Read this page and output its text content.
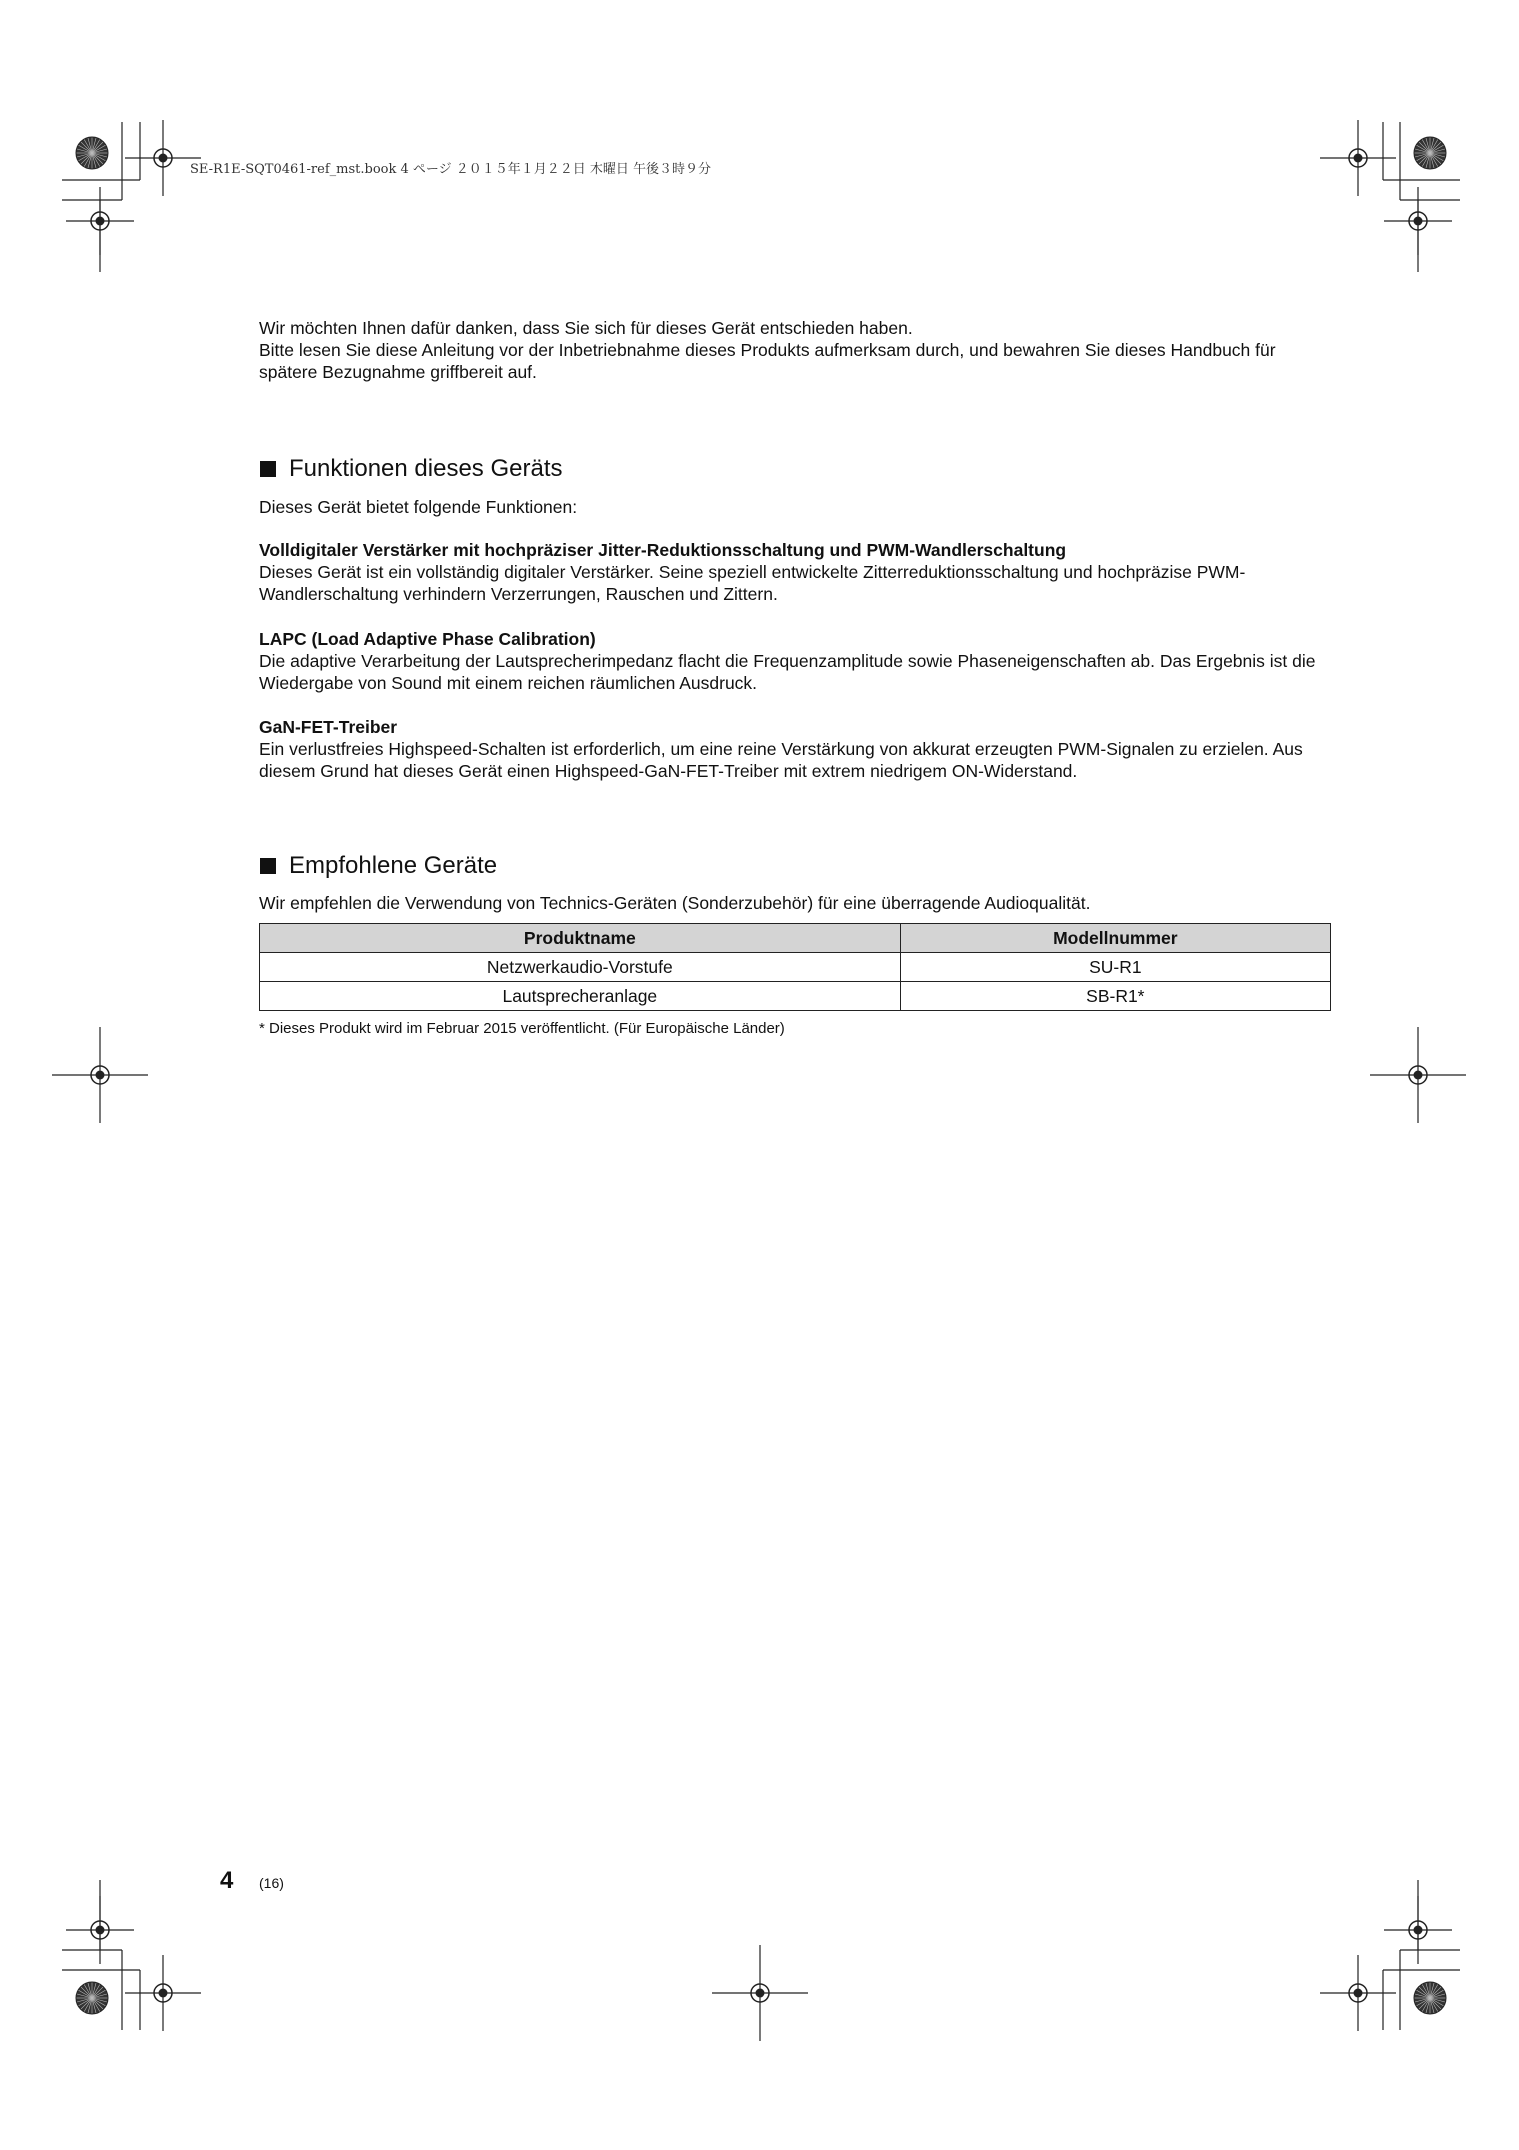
SE-R1E-SQT0461-ref_mst.book 4 ページ ２０１５年１月２２日 木曜日 午後３時９分

Wir möchten Ihnen dafür danken, dass Sie sich für dieses Gerät entschieden haben.

Bitte lesen Sie diese Anleitung vor der Inbetriebnahme dieses Produkts aufmerksam durch, und bewahren Sie dieses Handbuch für spätere Bezugnahme griffbereit auf.

Funktionen dieses Geräts

Dieses Gerät bietet folgende Funktionen:

Volldigitaler Verstärker mit hochpräziser Jitter-Reduktionsschaltung und PWM-Wandlerschaltung

Dieses Gerät ist ein vollständig digitaler Verstärker. Seine speziell entwickelte Zitterreduktionsschaltung und hochpräzise PWM-Wandlerschaltung verhindern Verzerrungen, Rauschen und Zittern.

LAPC (Load Adaptive Phase Calibration)

Die adaptive Verarbeitung der Lautsprecherimpedanz flacht die Frequenzamplitude sowie Phaseneigenschaften ab. Das Ergebnis ist die Wiedergabe von Sound mit einem reichen räumlichen Ausdruck.

GaN-FET-Treiber

Ein verlustfreies Highspeed-Schalten ist erforderlich, um eine reine Verstärkung von akkurat erzeugten PWM-Signalen zu erzielen. Aus diesem Grund hat dieses Gerät einen Highspeed-GaN-FET-Treiber mit extrem niedrigem ON-Widerstand.

Empfohlene Geräte

Wir empfehlen die Verwendung von Technics-Geräten (Sonderzubehör) für eine überragende Audioqualität.

Produktname	Modellnummer
Netzwerkaudio-Vorstufe	SU-R1
Lautsprecheranlage	SB-R1*
* Dieses Produkt wird im Februar 2015 veröffentlicht. (Für Europäische Länder)
4 (16)
